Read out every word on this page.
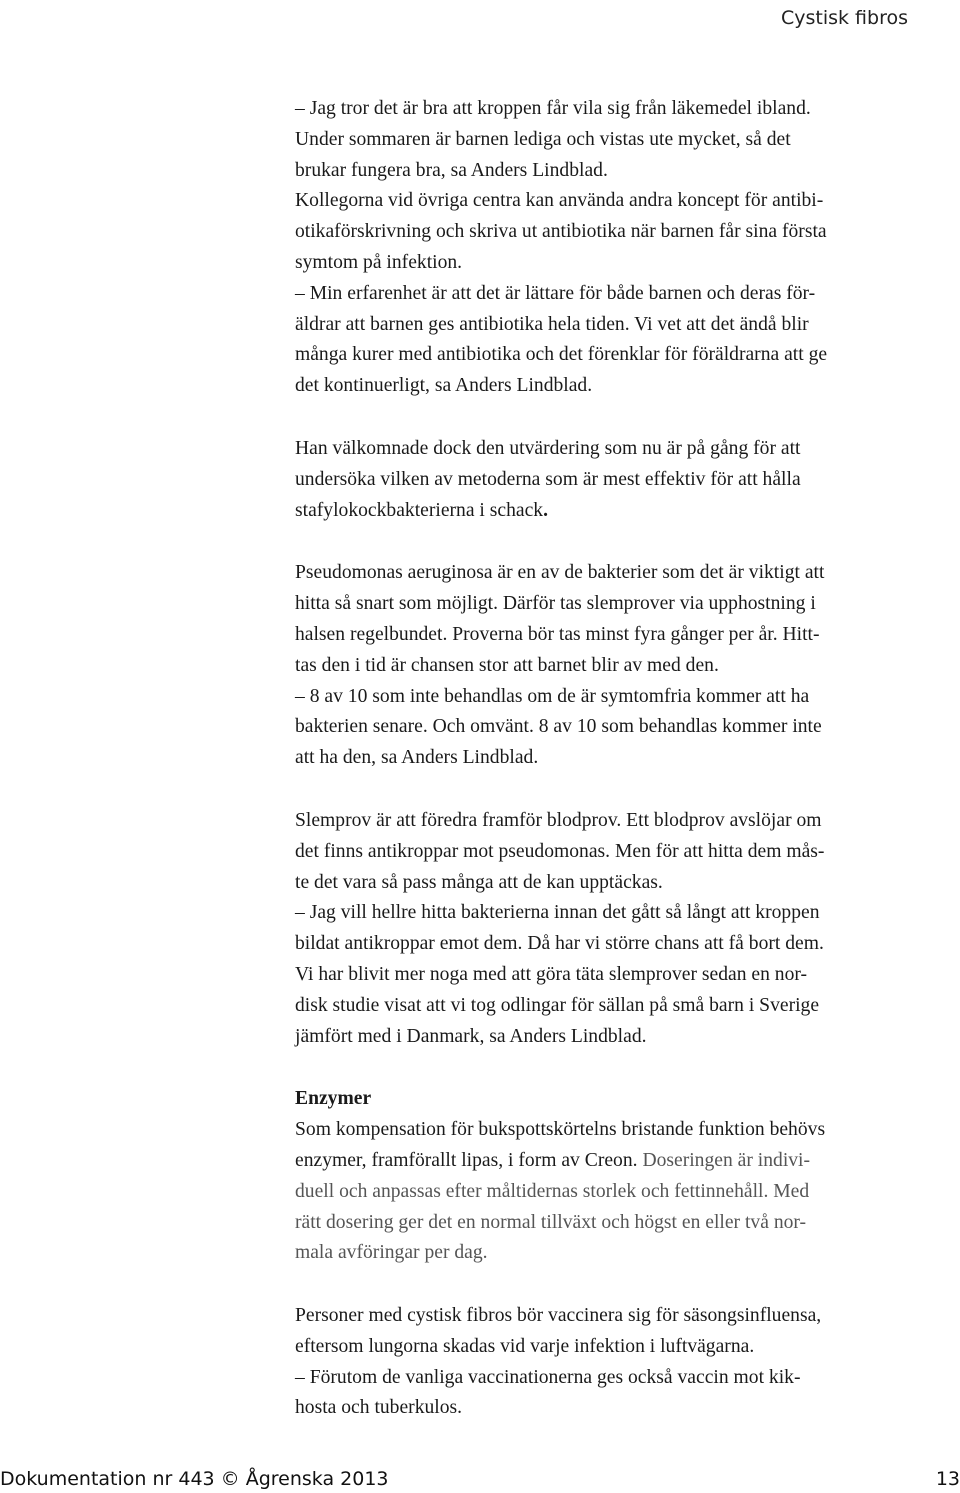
Cystisk fibros
– Jag tror det är bra att kroppen får vila sig från läkemedel ibland.
Under sommaren är barnen lediga och vistas ute mycket, så det
brukar fungera bra, sa Anders Lindblad.
Kollegorna vid övriga centra kan använda andra koncept för antibi-
otikaförskrivning och skriva ut antibiotika när barnen får sina första
symtom på infektion.
– Min erfarenhet är att det är lättare för både barnen och deras för-
äldrar att barnen ges antibiotika hela tiden. Vi vet att det ändå blir
många kurer med antibiotika och det förenklar för föräldrarna att ge
det kontinuerligt, sa Anders Lindblad.
Han välkomnade dock den utvärdering som nu är på gång för att
undersöka vilken av metoderna som är mest effektiv för att hålla
stafylokockbakterierna i schack.
Pseudomonas aeruginosa är en av de bakterier som det är viktigt att
hitta så snart som möjligt. Därför tas slemprover via upphostning i
halsen regelbundet. Proverna bör tas minst fyra gånger per år. Hitt-
tas den i tid är chansen stor att barnet blir av med den.
– 8 av 10 som inte behandlas om de är symtomfria kommer att ha
bakterien senare. Och omvänt. 8 av 10 som behandlas kommer inte
att ha den, sa Anders Lindblad.
Slemprov är att föredra framför blodprov. Ett blodprov avslöjar om
det finns antikroppar mot pseudomonas. Men för att hitta dem mås-
te det vara så pass många att de kan upptäckas.
– Jag vill hellre hitta bakterierna innan det gått så långt att kroppen
bildat antikroppar emot dem. Då har vi större chans att få bort dem.
Vi har blivit mer noga med att göra täta slemprover sedan en nor-
disk studie visat att vi tog odlingar för sällan på små barn i Sverige
jämfört med i Danmark, sa Anders Lindblad.
Enzymer
Som kompensation för bukspottskörtelns bristande funktion behövs
enzymer, framförallt lipas, i form av Creon. Doseringen är indivi-
duell och anpassas efter måltidernas storlek och fettinnehåll. Med
rätt dosering ger det en normal tillväxt och högst en eller två nor-
mala avföringar per dag.
Personer med cystisk fibros bör vaccinera sig för säsongsinfluensa,
eftersom lungorna skadas vid varje infektion i luftvägarna.
– Förutom de vanliga vaccinationerna ges också vaccin mot kik-
hosta och tuberkulos.
Dokumentation nr 443 © Ågrenska 2013	13
